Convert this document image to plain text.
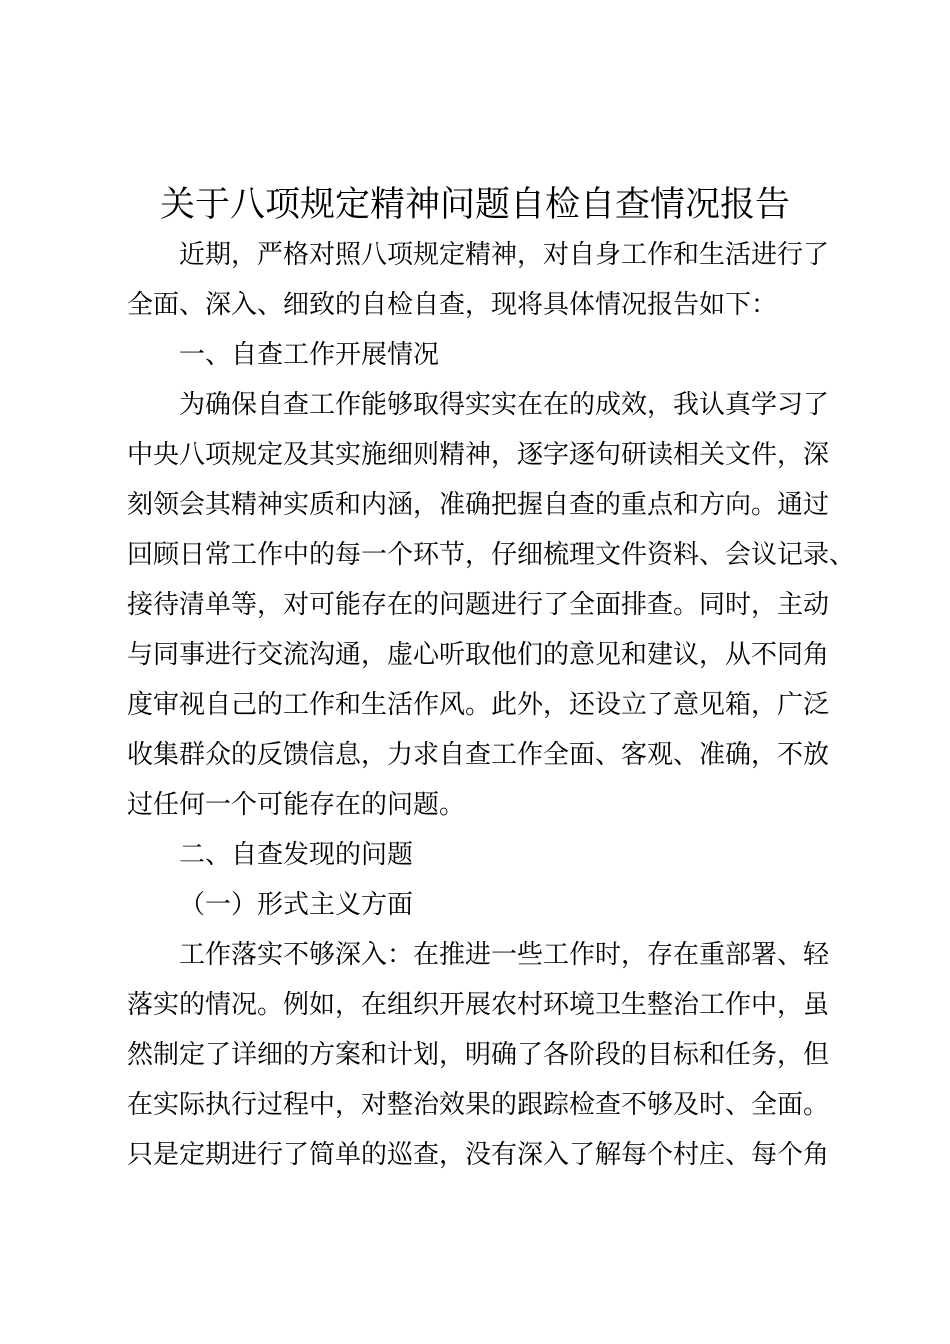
关于八项规定精神问题自检自查情况报告
近期，严格对照八项规定精神，对自身工作和生活进行了
全面、深入、细致的自检自查，现将具体情况报告如下：
一、自查工作开展情况
为确保自查工作能够取得实实在在的成效，我认真学习了
中央八项规定及其实施细则精神，逐字逐句研读相关文件，深
刻领会其精神实质和内涵，准确把握自查的重点和方向。通过
回顾日常工作中的每一个环节，仔细梳理文件资料、会议记录、
接待清单等，对可能存在的问题进行了全面排查。同时，主动
与同事进行交流沟通，虚心听取他们的意见和建议，从不同角
度审视自己的工作和生活作风。此外，还设立了意见箱，广泛
收集群众的反馈信息，力求自查工作全面、客观、准确，不放
过任何一个可能存在的问题。
二、自查发现的问题
（一）形式主义方面
工作落实不够深入：在推进一些工作时，存在重部署、轻
落实的情况。例如，在组织开展农村环境卫生整治工作中，虽
然制定了详细的方案和计划，明确了各阶段的目标和任务，但
在实际执行过程中，对整治效果的跟踪检查不够及时、全面。
只是定期进行了简单的巡查，没有深入了解每个村庄、每个角
